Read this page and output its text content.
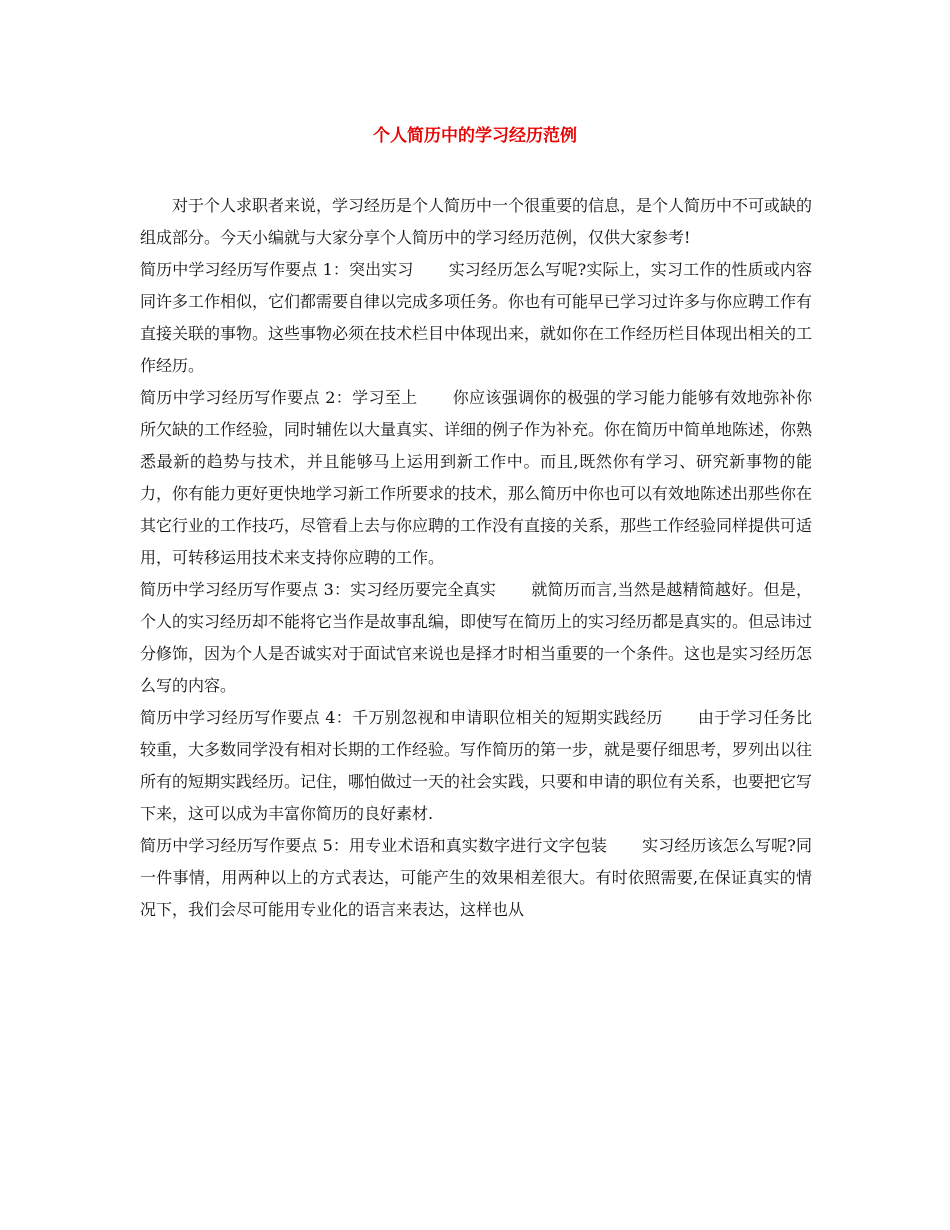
个人简历中的学习经历范例

对于个人求职者来说，学习经历是个人简历中一个很重要的信息，是个人简历中不可或缺的组成部分。今天小编就与大家分享个人简历中的学习经历范例，仅供大家参考!

简历中学习经历写作要点 1：突出实习 实习经历怎么写呢?实际上，实习工作的性质或内容同许多工作相似，它们都需要自律以完成多项任务。你也有可能早已学习过许多与你应聘工作有直接关联的事物。这些事物必须在技术栏目中体现出来，就如你在工作经历栏目体现出相关的工作经历。

简历中学习经历写作要点 2：学习至上 你应该强调你的极强的学习能力能够有效地弥补你所欠缺的工作经验，同时辅佐以大量真实、详细的例子作为补充。你在简历中简单地陈述，你熟悉最新的趋势与技术，并且能够马上运用到新工作中。而且,既然你有学习、研究新事物的能力，你有能力更好更快地学习新工作所要求的技术，那么简历中你也可以有效地陈述出那些你在其它行业的工作技巧，尽管看上去与你应聘的工作没有直接的关系，那些工作经验同样提供可适用，可转移运用技术来支持你应聘的工作。

简历中学习经历写作要点 3：实习经历要完全真实 就简历而言,当然是越精简越好。但是，个人的实习经历却不能将它当作是故事乱编，即使写在简历上的实习经历都是真实的。但忌讳过分修饰，因为个人是否诚实对于面试官来说也是择才时相当重要的一个条件。这也是实习经历怎么写的内容。

简历中学习经历写作要点 4：千万别忽视和申请职位相关的短期实践经历 由于学习任务比较重，大多数同学没有相对长期的工作经验。写作简历的第一步，就是要仔细思考，罗列出以往所有的短期实践经历。记住，哪怕做过一天的社会实践，只要和申请的职位有关系，也要把它写下来，这可以成为丰富你简历的良好素材.

简历中学习经历写作要点 5：用专业术语和真实数字进行文字包装 实习经历该怎么写呢?同一件事情，用两种以上的方式表达，可能产生的效果相差很大。有时依照需要,在保证真实的情况下，我们会尽可能用专业化的语言来表达，这样也从
